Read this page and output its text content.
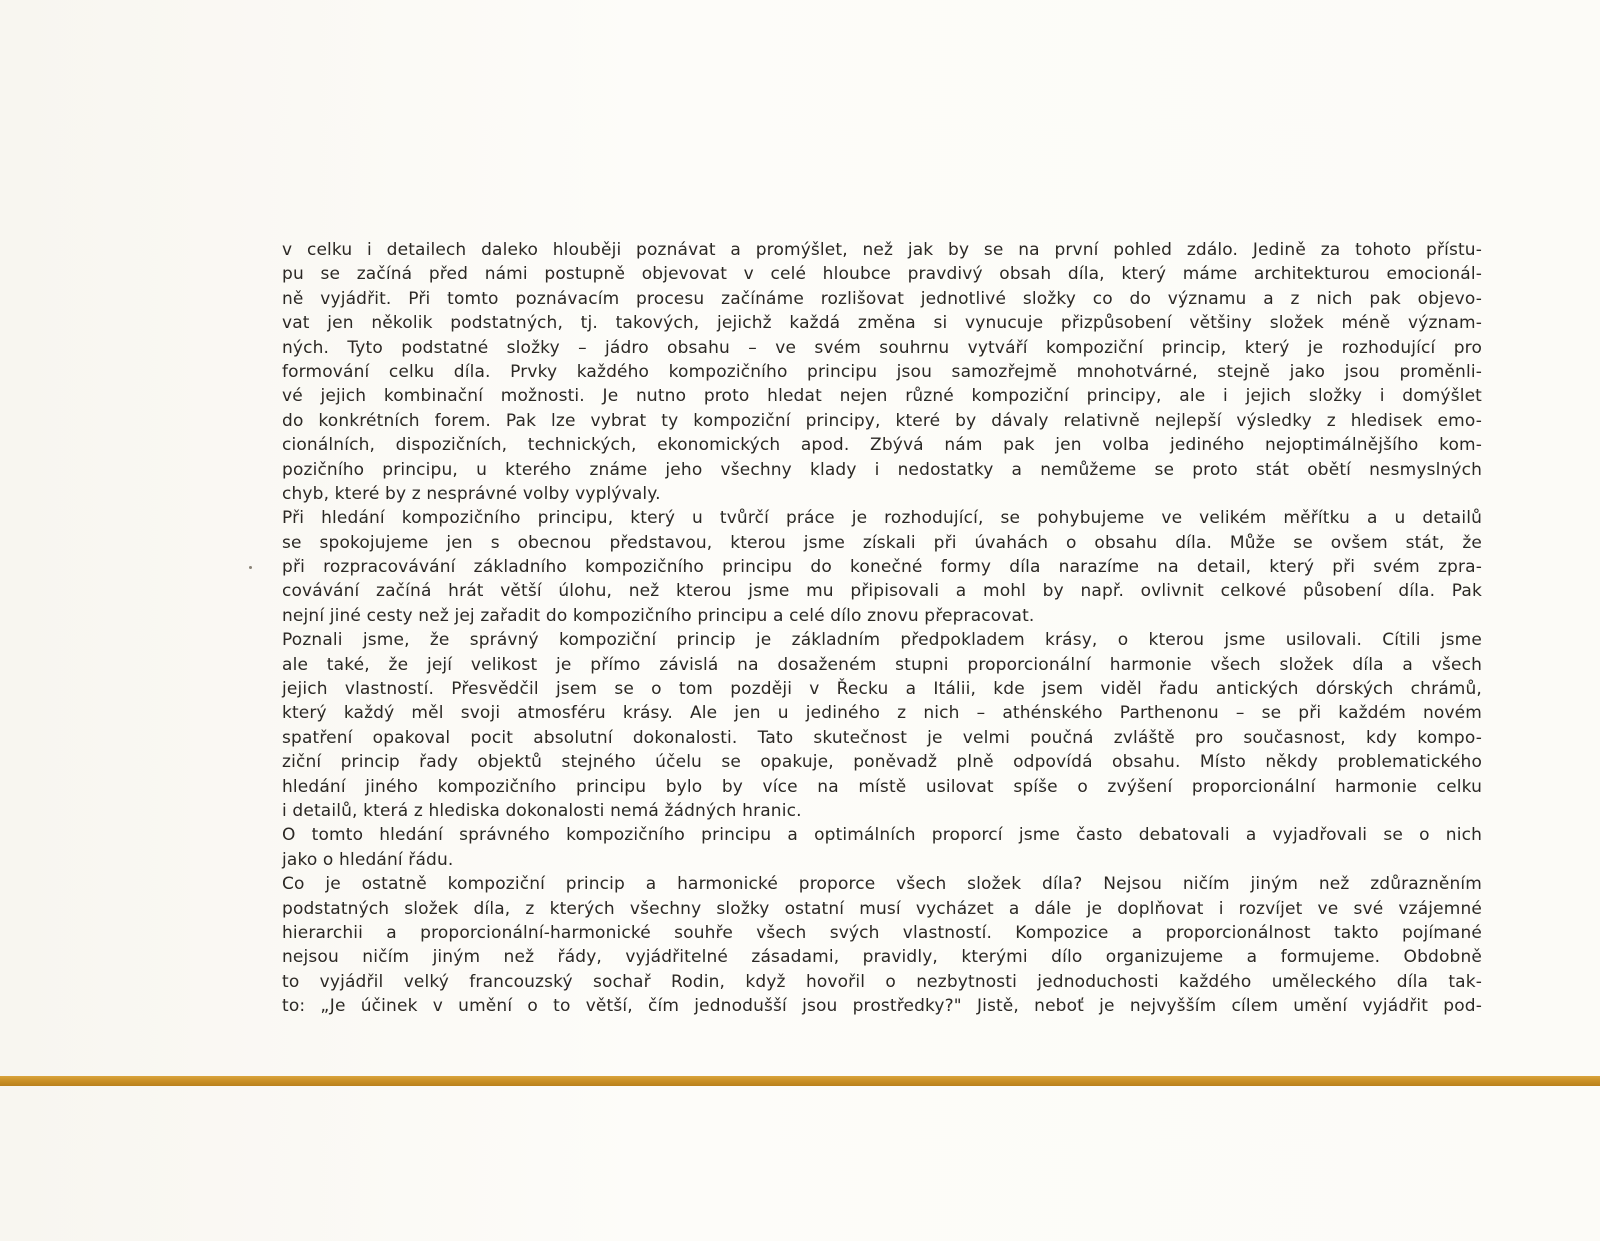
v celku i detailech daleko hlouběji poznávat a promýšlet, než jak by se na první pohled zdálo. Jedině za tohoto přístu-
pu se začíná před námi postupně objevovat v celé hloubce pravdivý obsah díla, který máme architekturou emocionál-
ně vyjádřit. Při tomto poznávacím procesu začínáme rozlišovat jednotlivé složky co do významu a z nich pak objevo-
vat jen několik podstatných, tj. takových, jejichž každá změna si vynucuje přizpůsobení většiny složek méně význam-
ných. Tyto podstatné složky – jádro obsahu – ve svém souhrnu vytváří kompoziční princip, který je rozhodující pro
formování celku díla. Prvky každého kompozičního principu jsou samozřejmě mnohotvárné, stejně jako jsou proměnli-
vé jejich kombinační možnosti. Je nutno proto hledat nejen různé kompoziční principy, ale i jejich složky i domýšlet
do konkrétních forem. Pak lze vybrat ty kompoziční principy, které by dávaly relativně nejlepší výsledky z hledisek emo-
cionálních, dispozičních, technických, ekonomických apod. Zbývá nám pak jen volba jediného nejoptimálnějšího kom-
pozičního principu, u kterého známe jeho všechny klady i nedostatky a nemůžeme se proto stát obětí nesmyslných
chyb, které by z nesprávné volby vyplývaly.
Při hledání kompozičního principu, který u tvůrčí práce je rozhodující, se pohybujeme ve velikém měřítku a u detailů
se spokojujeme jen s obecnou představou, kterou jsme získali při úvahách o obsahu díla. Může se ovšem stát, že
při rozpracovávání základního kompozičního principu do konečné formy díla narazíme na detail, který při svém zpra-
covávání začíná hrát větší úlohu, než kterou jsme mu připisovali a mohl by např. ovlivnit celkové působení díla. Pak
nejní jiné cesty než jej zařadit do kompozičního principu a celé dílo znovu přepracovat.
Poznali jsme, že správný kompoziční princip je základním předpokladem krásy, o kterou jsme usilovali. Cítili jsme
ale také, že její velikost je přímo závislá na dosaženém stupni proporcionální harmonie všech složek díla a všech
jejich vlastností. Přesvědčil jsem se o tom později v Řecku a Itálii, kde jsem viděl řadu antických dórských chrámů,
který každý měl svoji atmosféru krásy. Ale jen u jediného z nich – athénského Parthenonu – se při každém novém
spatření opakoval pocit absolutní dokonalosti. Tato skutečnost je velmi poučná zvláště pro současnost, kdy kompo-
ziční princip řady objektů stejného účelu se opakuje, poněvadž plně odpovídá obsahu. Místo někdy problematického
hledání jiného kompozičního principu bylo by více na místě usilovat spíše o zvýšení proporcionální harmonie celku
i detailů, která z hlediska dokonalosti nemá žádných hranic.
O tomto hledání správného kompozičního principu a optimálních proporcí jsme často debatovali a vyjadřovali se o nich
jako o hledání řádu.
Co je ostatně kompoziční princip a harmonické proporce všech složek díla? Nejsou ničím jiným než zdůrazněním
podstatných složek díla, z kterých všechny složky ostatní musí vycházet a dále je doplňovat i rozvíjet ve své vzájemné
hierarchii a proporcionální-harmonické souhře všech svých vlastností. Kompozice a proporcionálnost takto pojímané
nejsou ničím jiným než řády, vyjádřitelné zásadami, pravidly, kterými dílo organizujeme a formujeme. Obdobně
to vyjádřil velký francouzský sochař Rodin, když hovořil o nezbytnosti jednoduchosti každého uměleckého díla tak-
to: „Je účinek v umění o to větší, čím jednodušší jsou prostředky?" Jistě, neboť je nejvyšším cílem umění vyjádřit pod-
